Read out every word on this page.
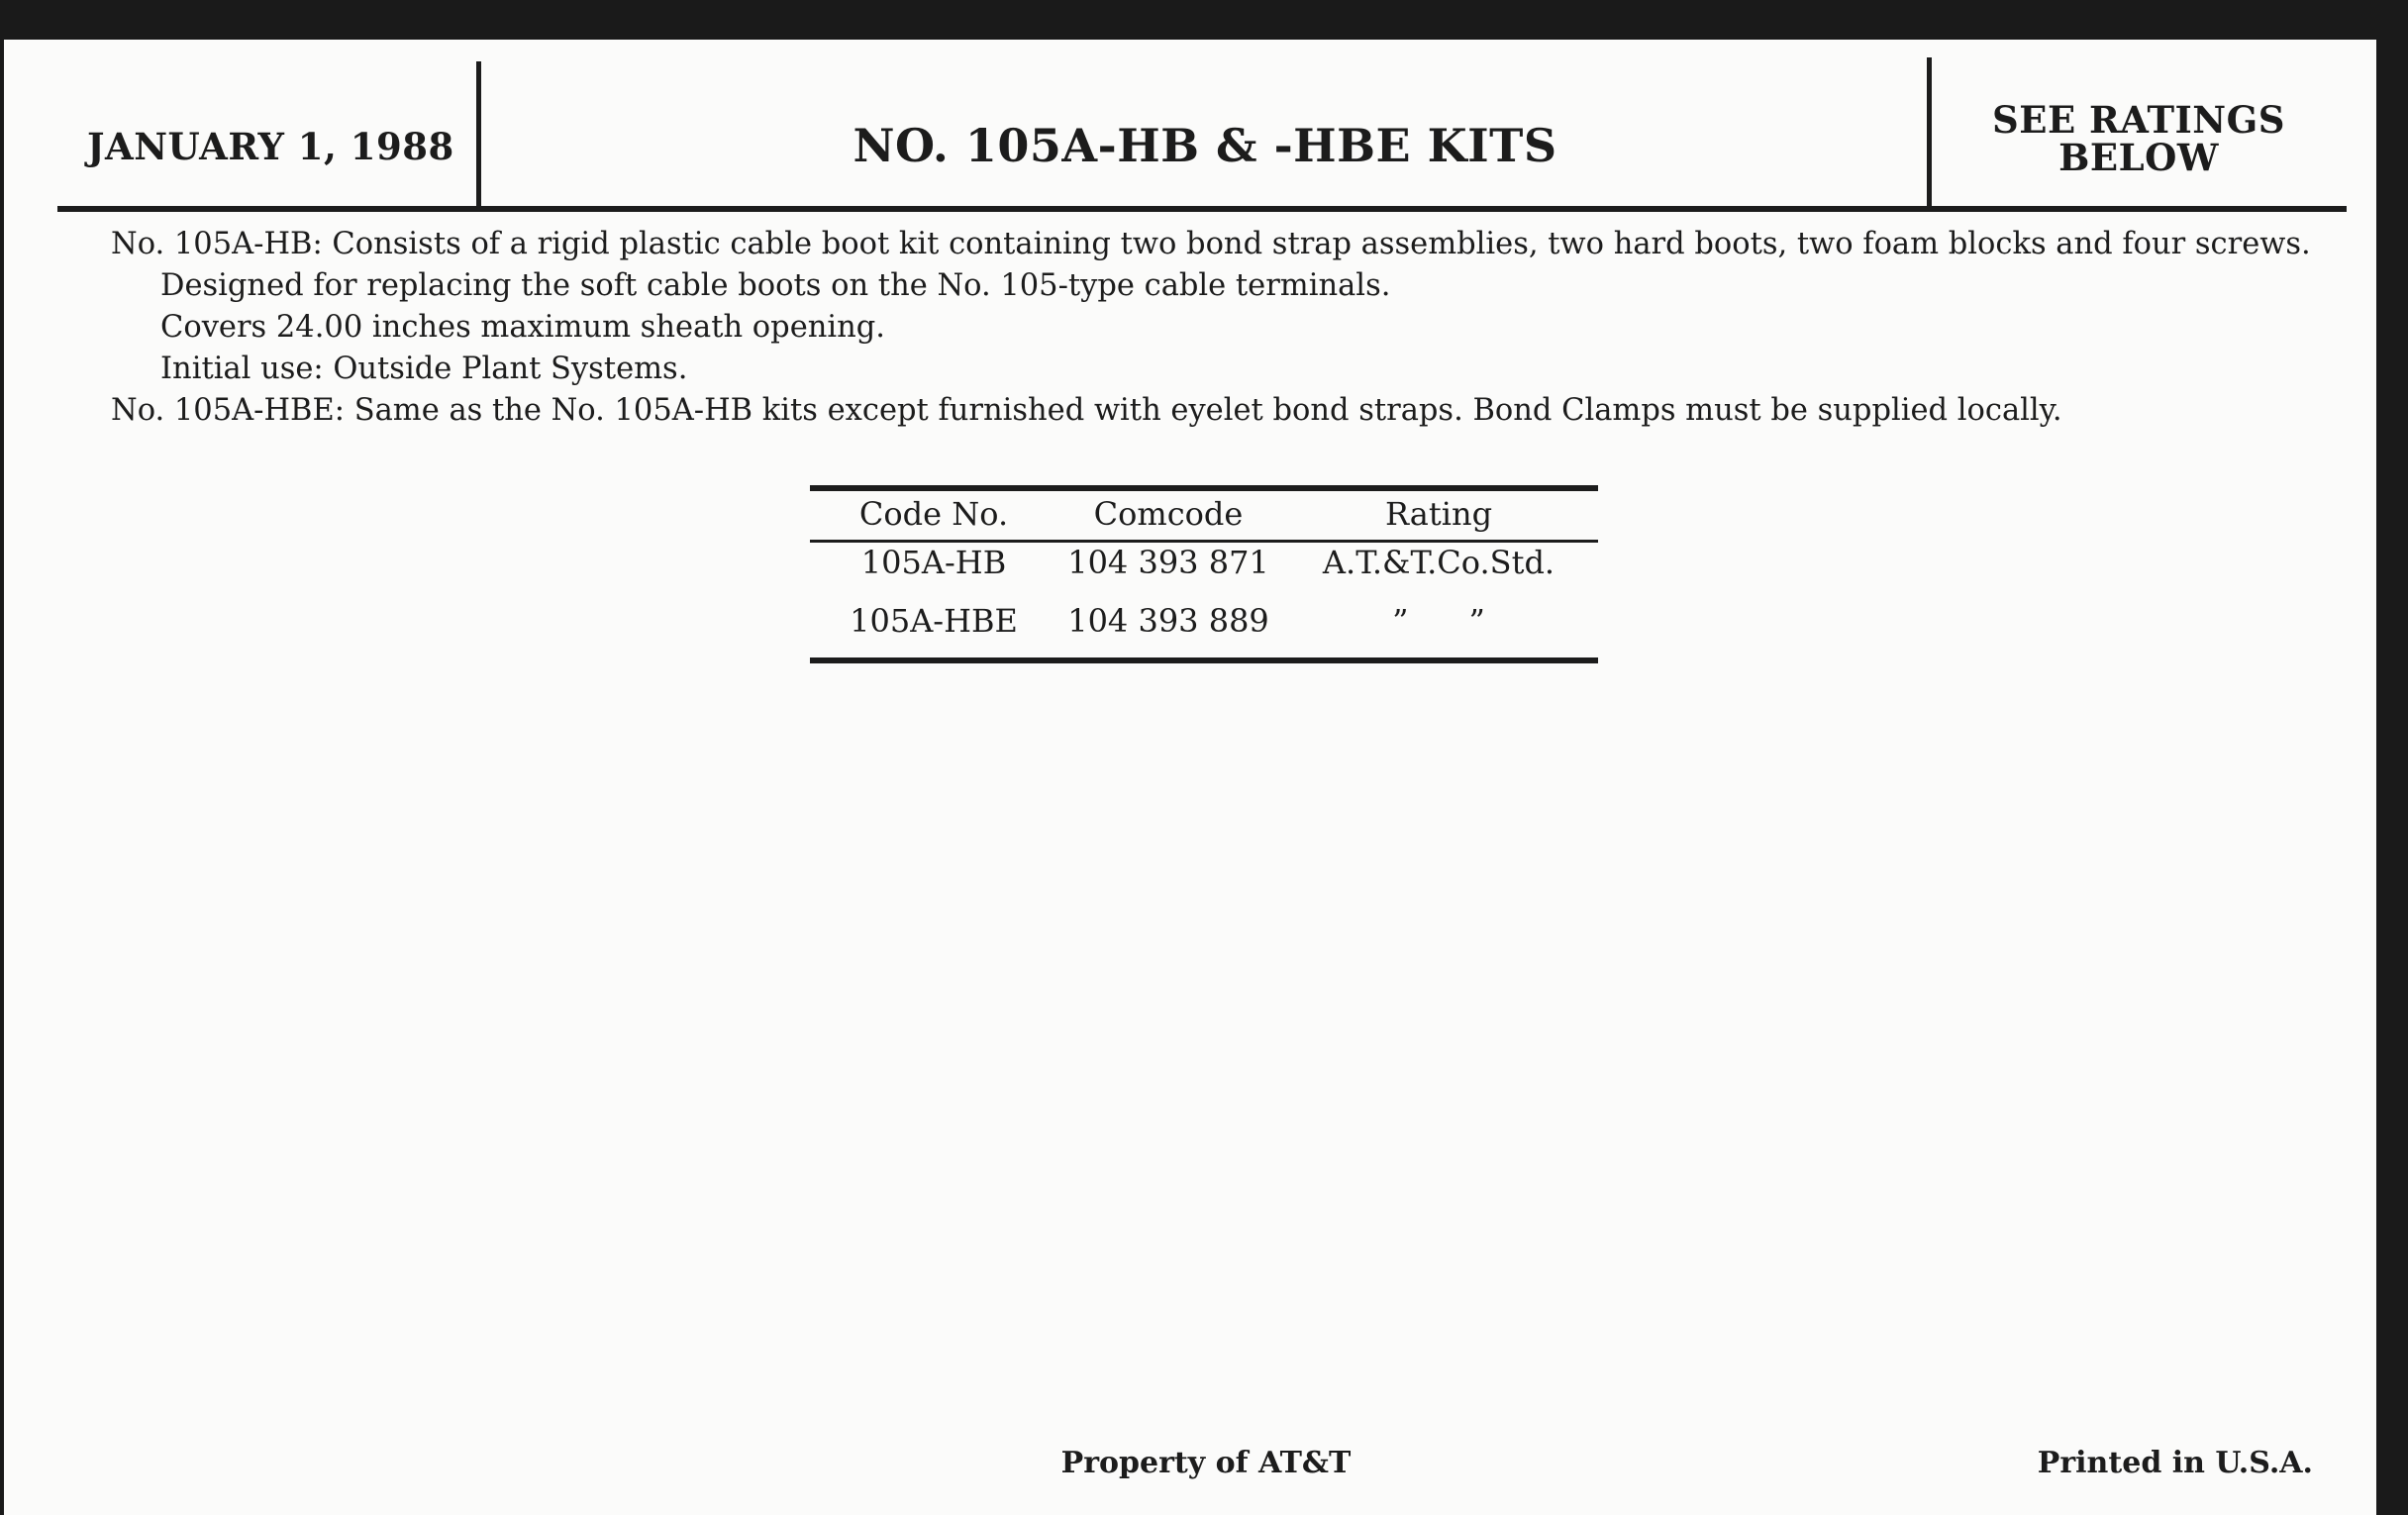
JANUARY 1, 1988	NO. 105A-HB & -HBE KITS	SEE RATINGS
BELOW
No. 105A-HB: Consists of a rigid plastic cable boot kit containing two bond strap assemblies, two hard boots, two foam blocks and four screws.
Designed for replacing the soft cable boots on the No. 105-type cable terminals.
Covers 24.00 inches maximum sheath opening.
Initial use: Outside Plant Systems.
No. 105A-HBE: Same as the No. 105A-HB kits except furnished with eyelet bond straps. Bond Clamps must be supplied locally.
Code No.	Comcode	Rating
105A-HB	104 393 871	A.T.&T.Co.Std.
105A-HBE	104 393 889	”      ”
Property of AT&T	Printed in U.S.A.
